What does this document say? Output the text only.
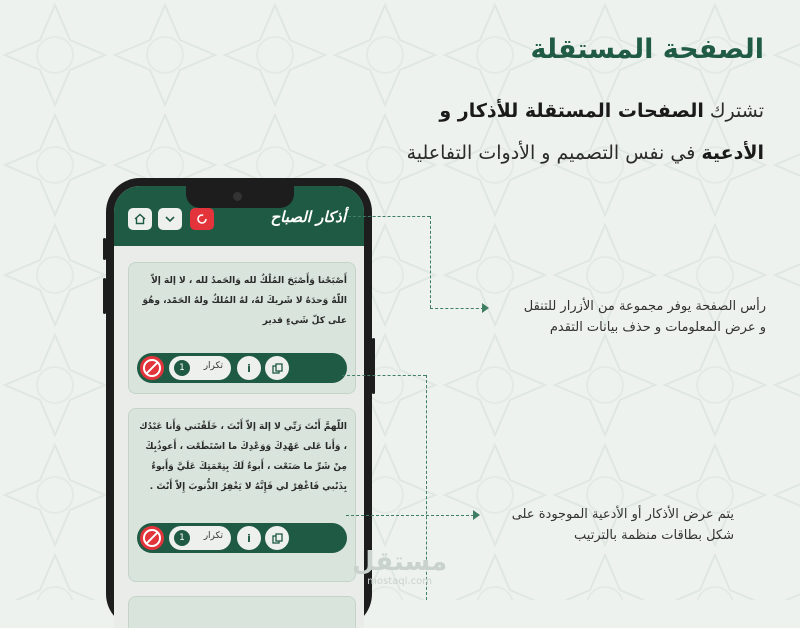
الصفحة المستقلة
تشترك الصفحات المستقلة للأذكار و الأدعية في نفس التصميم و الأدوات التفاعلية
أذكار الصباح
أَصْبَحْنا وَأَصْبَحَ المُلْكُ لله وَالحَمدُ لله ، لا إلهَ إلاّ اللّهُ وَحدَهُ لا شَريكَ لهُ، لهُ المُلكُ ولهُ الحَمْد، وهُوَ على كلّ شَيءٍ قدير
1	تكرار i
اللّهمَّ أَنْتَ رَبِّي لا إلهَ إلاّ أَنْتَ ، خَلَقْتَني وَأَنا عَبْدُك ، وَأَنا عَلى عَهْدِكَ وَوَعْدِكَ ما اسْتَطَعْت ، أَعوذُبِكَ مِنْ شَرِّ ما صَنَعْت ، أَبوءُ لَكَ بِنِعْمَتِكَ عَلَيَّ وَأَبوءُ بِذَنْبي فَاغْفِرْ لي فَإِنَّهُ لا يَغْفِرُ الذُّنوبَ إِلاّ أَنْتَ .
1	تكرار i
رأس الصفحة يوفر مجموعة من الأزرار للتنقل و عرض المعلومات و حذف بيانات التقدم
يتم عرض الأذكار أو الأدعية الموجودة على شكل بطاقات منظمة بالترتيب
مستقل
mostaql.com
